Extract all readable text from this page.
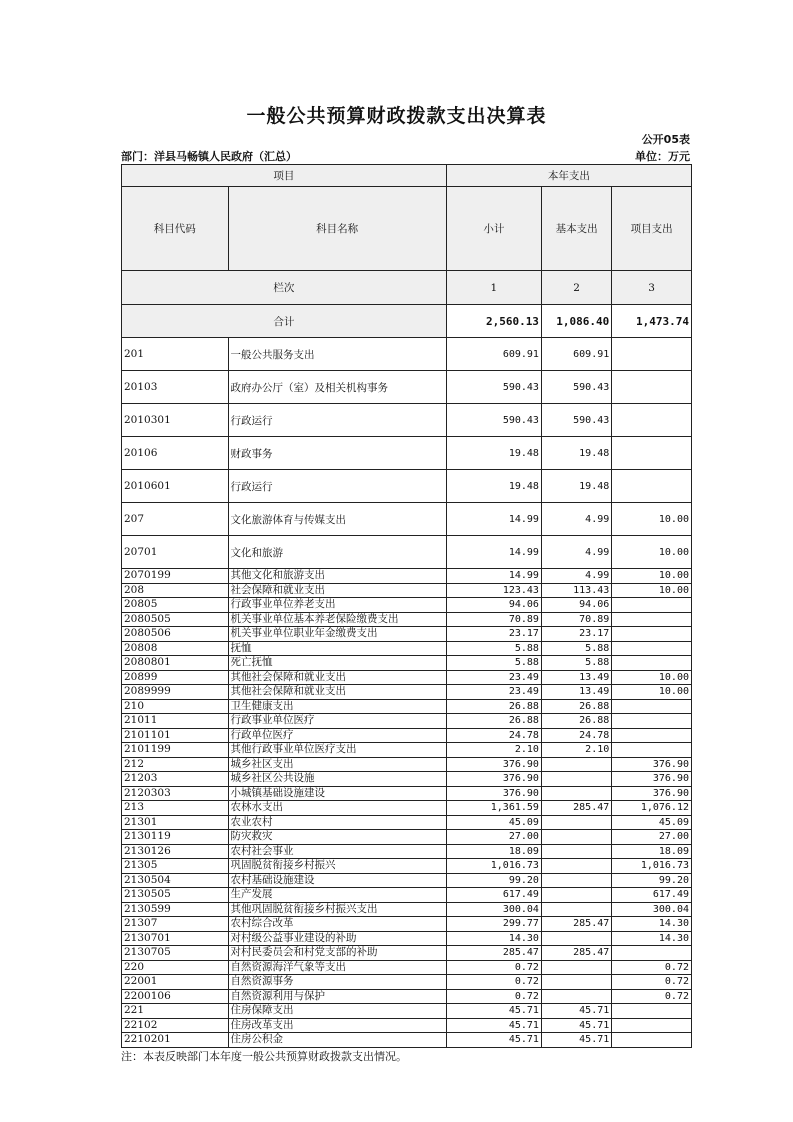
一般公共预算财政拨款支出决算表
公开05表
部门：洋县马畅镇人民政府（汇总）	单位：万元
项目		本年支出		
科目代码	科目名称	小计	基本支出	项目支出
栏次		1	2	3
合计		2,560.13	1,086.40	1,473.74
201	一般公共服务支出	609.91	609.91	
20103	政府办公厅（室）及相关机构事务	590.43	590.43	
2010301	行政运行	590.43	590.43	
20106	财政事务	19.48	19.48	
2010601	行政运行	19.48	19.48	
207	文化旅游体育与传媒支出	14.99	4.99	10.00
20701	文化和旅游	14.99	4.99	10.00
2070199	其他文化和旅游支出	14.99	4.99	10.00
208	社会保障和就业支出	123.43	113.43	10.00
20805	行政事业单位养老支出	94.06	94.06	
2080505	机关事业单位基本养老保险缴费支出	70.89	70.89	
2080506	机关事业单位职业年金缴费支出	23.17	23.17	
20808	抚恤	5.88	5.88	
2080801	死亡抚恤	5.88	5.88	
20899	其他社会保障和就业支出	23.49	13.49	10.00
2089999	其他社会保障和就业支出	23.49	13.49	10.00
210	卫生健康支出	26.88	26.88	
21011	行政事业单位医疗	26.88	26.88	
2101101	行政单位医疗	24.78	24.78	
2101199	其他行政事业单位医疗支出	2.10	2.10	
212	城乡社区支出	376.90		376.90
21203	城乡社区公共设施	376.90		376.90
2120303	小城镇基础设施建设	376.90		376.90
213	农林水支出	1,361.59	285.47	1,076.12
21301	农业农村	45.09		45.09
2130119	防灾救灾	27.00		27.00
2130126	农村社会事业	18.09		18.09
21305	巩固脱贫衔接乡村振兴	1,016.73		1,016.73
2130504	农村基础设施建设	99.20		99.20
2130505	生产发展	617.49		617.49
2130599	其他巩固脱贫衔接乡村振兴支出	300.04		300.04
21307	农村综合改革	299.77	285.47	14.30
2130701	对村级公益事业建设的补助	14.30		14.30
2130705	对村民委员会和村党支部的补助	285.47	285.47	
220	自然资源海洋气象等支出	0.72		0.72
22001	自然资源事务	0.72		0.72
2200106	自然资源利用与保护	0.72		0.72
221	住房保障支出	45.71	45.71	
22102	住房改革支出	45.71	45.71	
2210201	住房公积金	45.71	45.71	
注：本表反映部门本年度一般公共预算财政拨款支出情况。
